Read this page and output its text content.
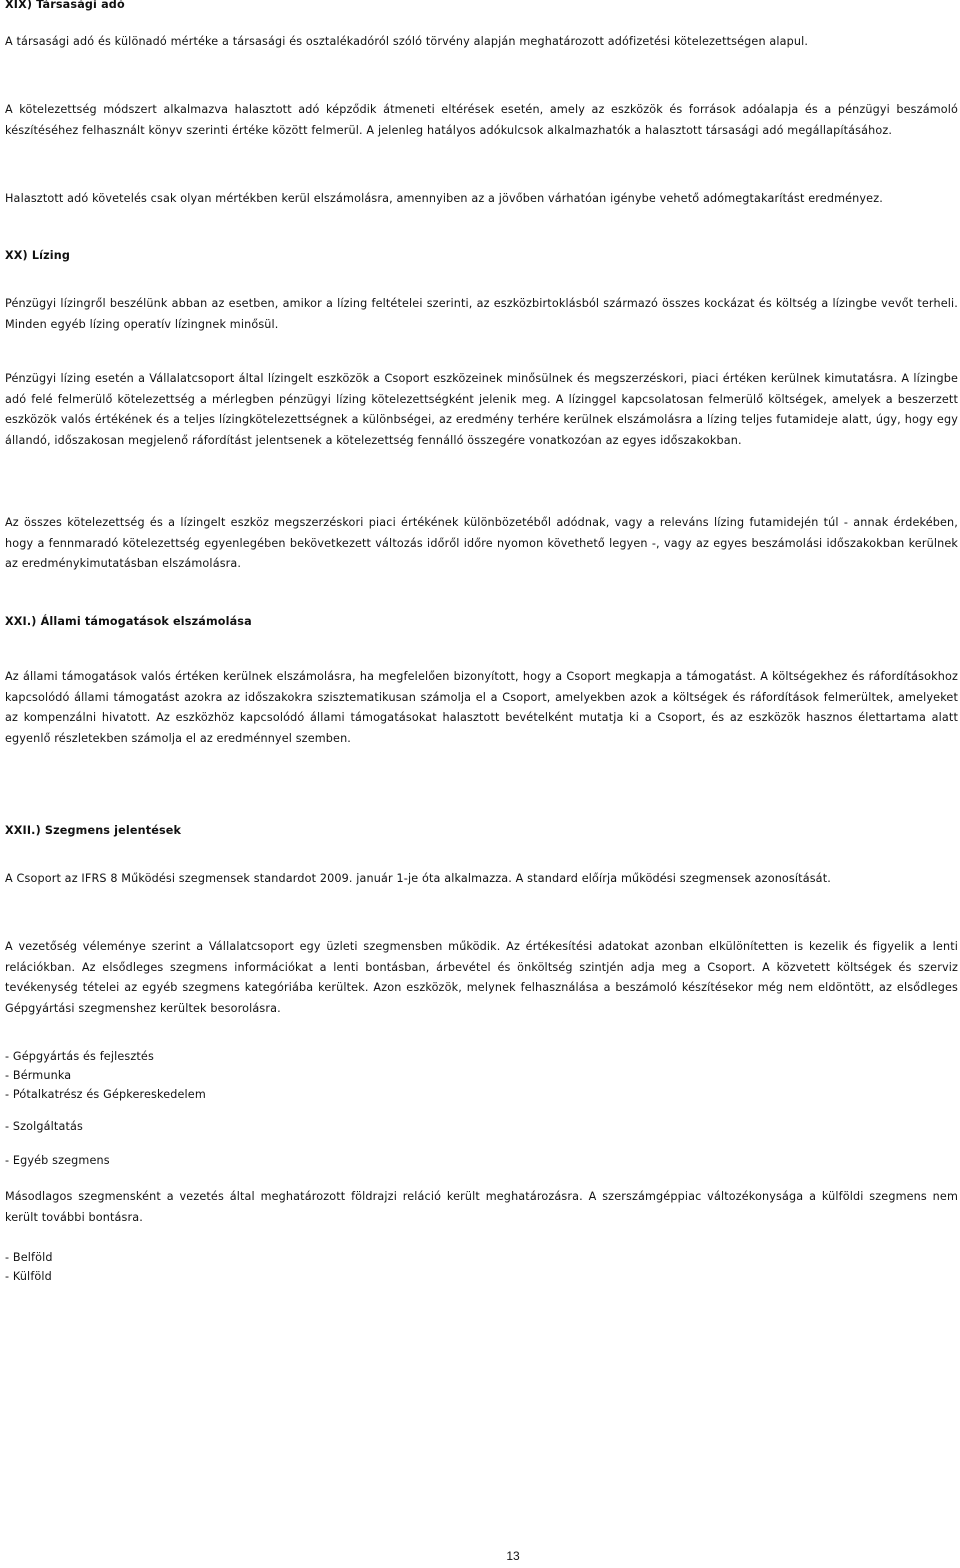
XIX) Társasági adó

A társasági adó és különadó mértéke a társasági és osztalékadóról szóló törvény alapján meghatározott adófizetési kötelezettségen alapul.

A kötelezettség módszert alkalmazva halasztott adó képződik átmeneti eltérések esetén, amely az eszközök és források adóalapja és a pénzügyi beszámoló készítéséhez felhasznált könyv szerinti értéke között felmerül. A jelenleg hatályos adókulcsok alkalmazhatók a halasztott társasági adó megállapításához.

Halasztott adó követelés csak olyan mértékben kerül elszámolásra, amennyiben az a jövőben várhatóan igénybe vehető adómegtakarítást eredményez.

XX) Lízing

Pénzügyi lízingről beszélünk abban az esetben, amikor a lízing feltételei szerinti, az eszközbirtoklásból származó összes kockázat és költség a lízingbe vevőt terheli. Minden egyéb lízing operatív lízingnek minősül.

Pénzügyi lízing esetén a Vállalatcsoport által lízingelt eszközök a Csoport eszközeinek minősülnek és megszerzéskori, piaci értéken kerülnek kimutatásra. A lízingbe adó felé felmerülő kötelezettség a mérlegben pénzügyi lízing kötelezettségként jelenik meg. A lízinggel kapcsolatosan felmerülő költségek, amelyek a beszerzett eszközök valós értékének és a teljes lízingkötelezettségnek a különbségei, az eredmény terhére kerülnek elszámolásra a lízing teljes futamideje alatt, úgy, hogy egy állandó, időszakosan megjelenő ráfordítást jelentsenek a kötelezettség fennálló összegére vonatkozóan az egyes időszakokban.

Az összes kötelezettség és a lízingelt eszköz megszerzéskori piaci értékének különbözetéből adódnak, vagy a releváns lízing futamidején túl - annak érdekében, hogy a fennmaradó kötelezettség egyenlegében bekövetkezett változás időről időre nyomon követhető legyen -, vagy az egyes beszámolási időszakokban kerülnek az eredménykimutatásban elszámolásra.

XXI.) Állami támogatások elszámolása

Az állami támogatások valós értéken kerülnek elszámolásra, ha megfelelően bizonyított, hogy a Csoport megkapja a támogatást. A költségekhez és ráfordításokhoz kapcsolódó állami támogatást azokra az időszakokra szisztematikusan számolja el a Csoport, amelyekben azok a költségek és ráfordítások felmerültek, amelyeket az kompenzálni hivatott. Az eszközhöz kapcsolódó állami támogatásokat halasztott bevételként mutatja ki a Csoport, és az eszközök hasznos élettartama alatt egyenlő részletekben számolja el az eredménnyel szemben.

XXII.) Szegmens jelentések

A Csoport az IFRS 8 Működési szegmensek standardot 2009. január 1-je óta alkalmazza. A standard előírja működési szegmensek azonosítását.

A vezetőség véleménye szerint a Vállalatcsoport egy üzleti szegmensben működik. Az értékesítési adatokat azonban elkülönítetten is kezelik és figyelik a lenti relációkban. Az elsődleges szegmens információkat a lenti bontásban, árbevétel és önköltség szintjén adja meg a Csoport. A közvetett költségek és szerviz tevékenység tételei az egyéb szegmens kategóriába kerültek. Azon eszközök, melynek felhasználása a beszámoló készítésekor még nem eldöntött, az elsődleges Gépgyártási szegmenshez kerültek besorolásra.

- Gépgyártás és fejlesztés
- Bérmunka
- Pótalkatrész és Gépkereskedelem
- Szolgáltatás
- Egyéb szegmens

Másodlagos szegmensként a vezetés által meghatározott földrajzi reláció került meghatározásra. A szerszámgéppiac változékonysága a külföldi szegmens nem került további bontásra.

- Belföld
- Külföld
13
